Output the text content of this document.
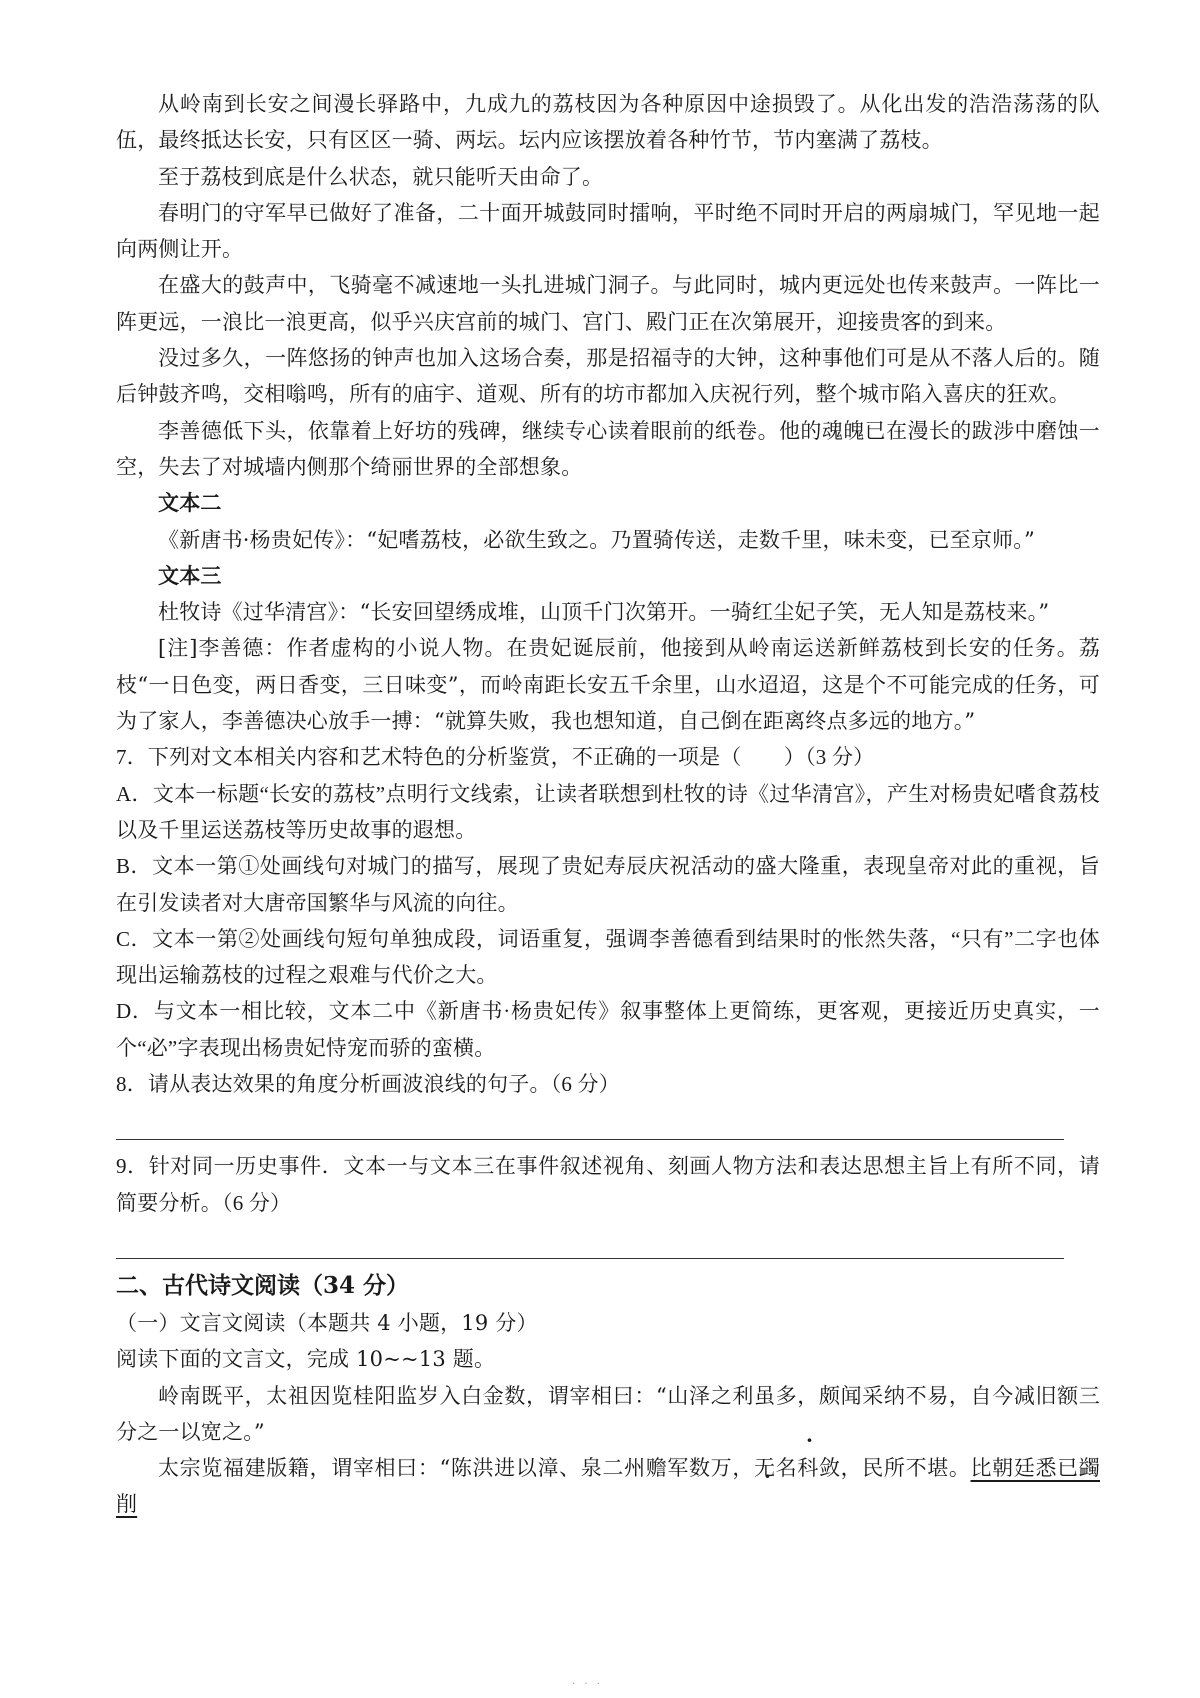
从岭南到长安之间漫长驿路中，九成九的荔枝因为各种原因中途损毁了。从化出发的浩浩荡荡的队伍，最终抵达长安，只有区区一骑、两坛。坛内应该摆放着各种竹节，节内塞满了荔枝。

至于荔枝到底是什么状态，就只能听天由命了。

春明门的守军早已做好了准备，二十面开城鼓同时擂响，平时绝不同时开启的两扇城门，罕见地一起向两侧让开。

在盛大的鼓声中，飞骑毫不减速地一头扎进城门洞子。与此同时，城内更远处也传来鼓声。一阵比一阵更远，一浪比一浪更高，似乎兴庆宫前的城门、宫门、殿门正在次第展开，迎接贵客的到来。

没过多久，一阵悠扬的钟声也加入这场合奏，那是招福寺的大钟，这种事他们可是从不落人后的。随后钟鼓齐鸣，交相嗡鸣，所有的庙宇、道观、所有的坊市都加入庆祝行列，整个城市陷入喜庆的狂欢。

李善德低下头，依靠着上好坊的残碑，继续专心读着眼前的纸卷。他的魂魄已在漫长的跋涉中磨蚀一空，失去了对城墙内侧那个绮丽世界的全部想象。

文本二

《新唐书·杨贵妃传》：“妃嗜荔枝，必欲生致之。乃置骑传送，走数千里，味未变，已至京师。”

文本三

杜牧诗《过华清宫》：“长安回望绣成堆，山顶千门次第开。一骑红尘妃子笑，无人知是荔枝来。”

[注]李善德：作者虚构的小说人物。在贵妃诞辰前，他接到从岭南运送新鲜荔枝到长安的任务。荔枝“一日色变，两日香变，三日味变”，而岭南距长安五千余里，山水迢迢，这是个不可能完成的任务，可为了家人，李善德决心放手一搏：“就算失败，我也想知道，自己倒在距离终点多远的地方。”

7．下列对文本相关内容和艺术特色的分析鉴赏，不正确的一项是（　　）（3 分）

A．文本一标题“长安的荔枝”点明行文线索，让读者联想到杜牧的诗《过华清宫》，产生对杨贵妃嗜食荔枝以及千里运送荔枝等历史故事的遐想。

B．文本一第①处画线句对城门的描写，展现了贵妃寿辰庆祝活动的盛大隆重，表现皇帝对此的重视，旨在引发读者对大唐帝国繁华与风流的向往。

C．文本一第②处画线句短句单独成段，词语重复，强调李善德看到结果时的怅然失落，“只有”二字也体现出运输荔枝的过程之艰难与代价之大。

D．与文本一相比较，文本二中《新唐书·杨贵妃传》叙事整体上更简练，更客观，更接近历史真实，一个“必”字表现出杨贵妃恃宠而骄的蛮横。

8．请从表达效果的角度分析画波浪线的句子。（6 分）

9．针对同一历史事件．文本一与文本三在事件叙述视角、刻画人物方法和表达思想主旨上有所不同，请简要分析。（6 分）

二、古代诗文阅读（34 分）

（一）文言文阅读（本题共 4 小题，19 分）

阅读下面的文言文，完成 10~~13 题。

岭南既平，太祖因览桂阳监岁入白金数，谓宰相曰：“山泽之利虽多，颇闻采纳不易，自今减旧额三分之一以宽之。”

太宗览福建版籍，谓宰相曰：“陈洪进以漳、泉二州赡军数万，无名 · ·科敛，民所不堪。比朝廷悉已蠲削

· · ·
